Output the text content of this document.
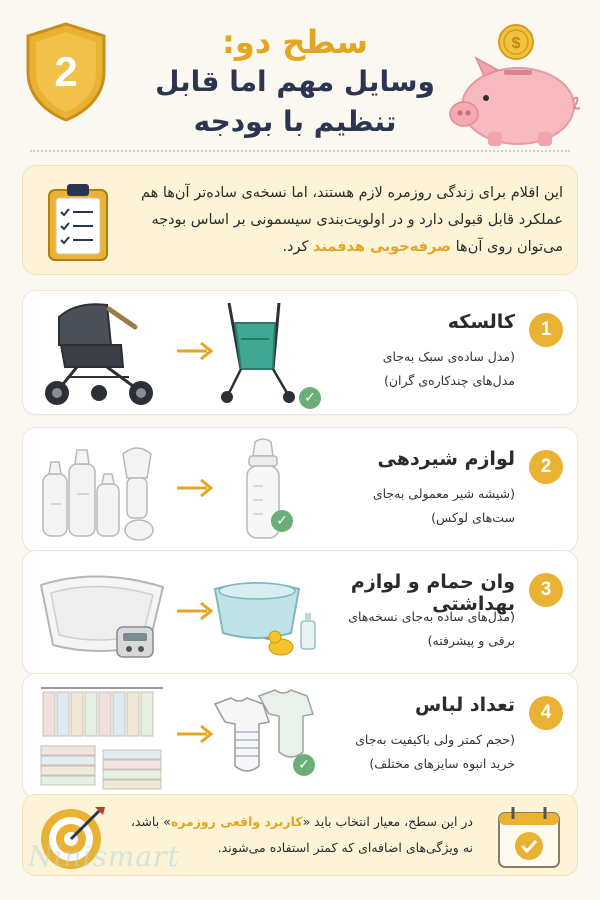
2
سطح دو:
وسایل مهم اما قابل
تنظیم با بودجه
$
این اقلام برای زندگی روزمره لازم هستند، اما نسخه‌ی ساده‌تر آن‌ها هم عملکرد قابل قبولی دارد و در اولویت‌بندی سیسمونی بر اساس بودجه می‌توان روی آن‌ها صرفه‌جویی هدفمند کرد.
1
کالسکه
(مدل ساده‌ی سبک به‌جای
مدل‌های چندکاره‌ی گران)
✓
2
لوازم شیردهی
(شیشه شیر معمولی به‌جای
ست‌های لوکس)
✓
3
وان حمام و لوازم بهداشتی
(مدل‌های ساده به‌جای نسخه‌های
برقی و پیشرفته)
4
تعداد لباس
(حجم کمتر ولی باکیفیت به‌جای
خرید انبوه سایزهای مختلف)
✓
در این سطح، معیار انتخاب باید «کاربرد واقعی روزمره» باشد، نه ویژگی‌های اضافه‌ای که کمتر استفاده می‌شوند.
Ninismart
